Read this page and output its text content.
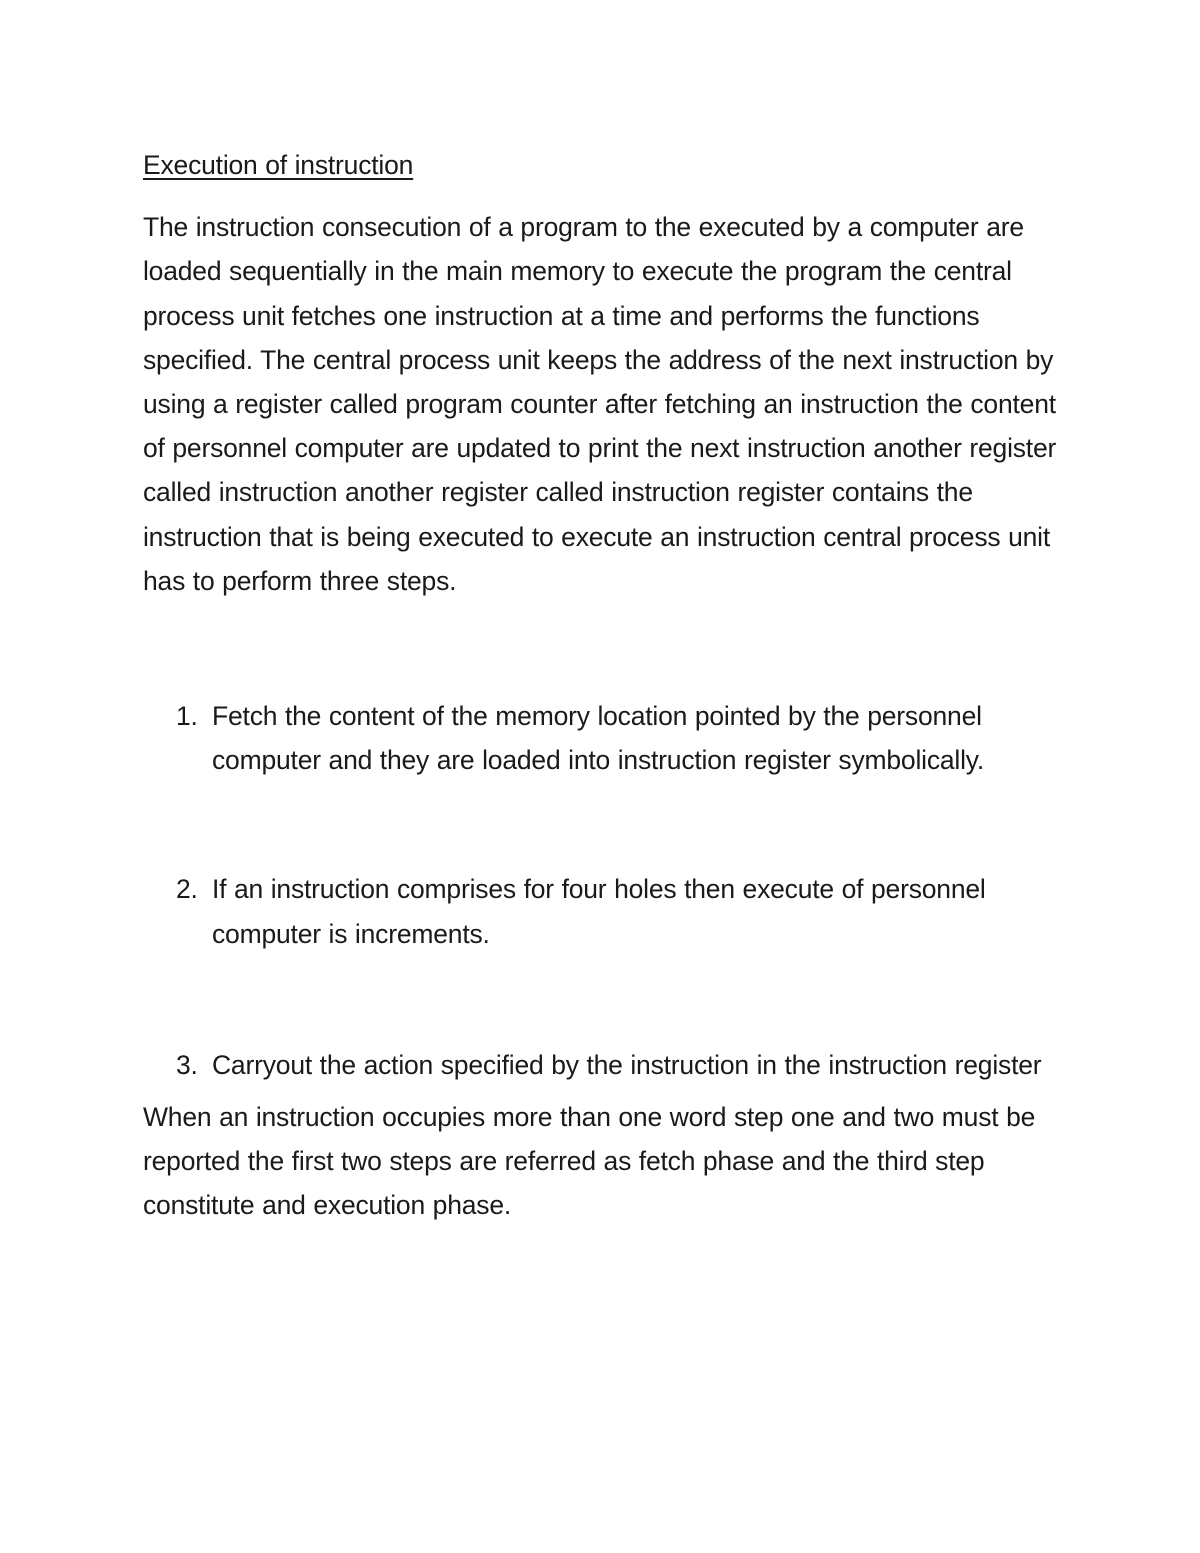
Execution of instruction

The instruction consecution of a program to the executed by a computer are loaded sequentially in the main memory to execute the program the central process unit fetches one instruction at a time and performs the functions specified. The central process unit keeps the address of the next instruction by using a register called program counter after fetching an instruction the content of personnel computer are updated to print the next instruction another register called instruction another register called instruction register contains the instruction that is being executed to execute an instruction central process unit has to perform three steps.

1. Fetch the content of the memory location pointed by the personnel computer and they are loaded into instruction register symbolically.
2. If an instruction comprises for four holes then execute of personnel computer is increments.
3. Carryout the action specified by the instruction in the instruction register

When an instruction occupies more than one word step one and two must be reported the first two steps are referred as fetch phase and the third step constitute and execution phase.
